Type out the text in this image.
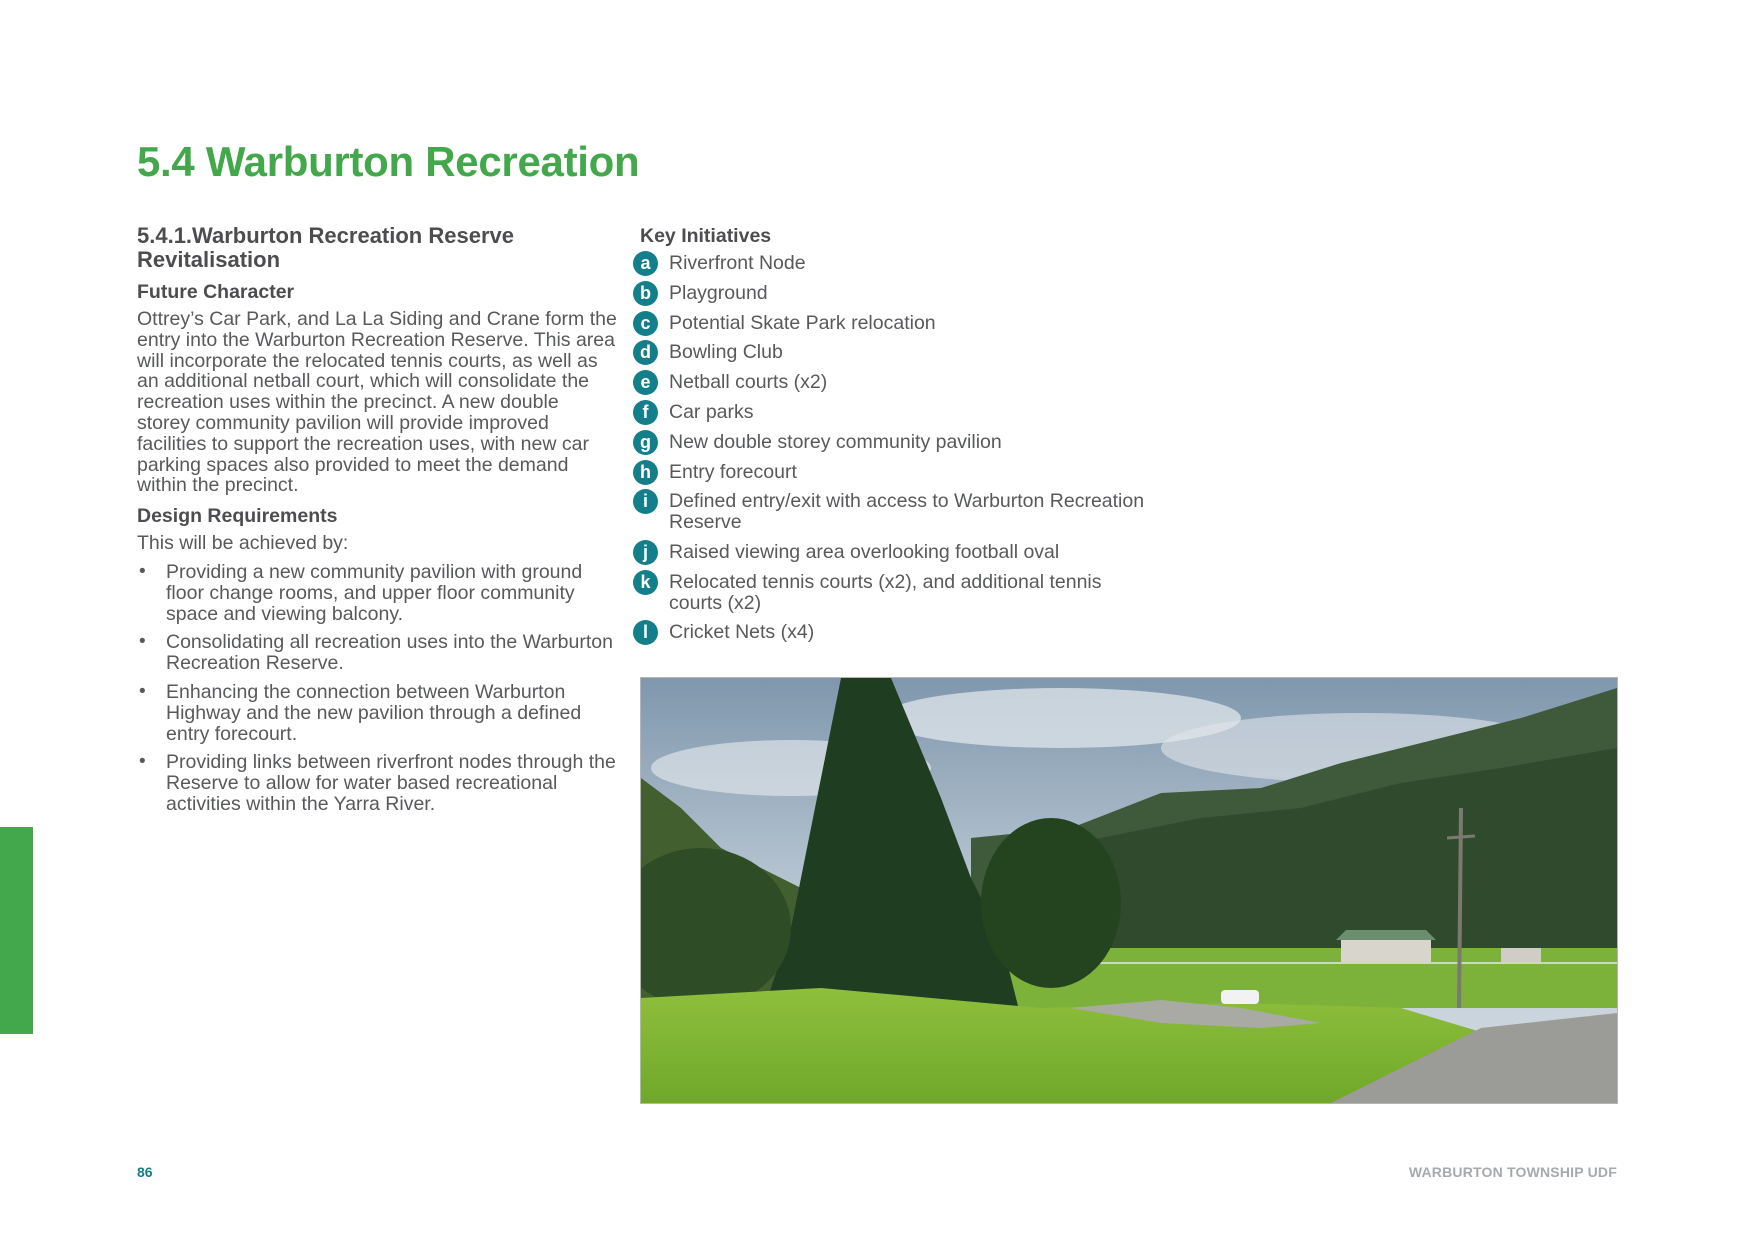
5.4 Warburton Recreation
5.4.1.Warburton Recreation Reserve Revitalisation
Future Character

Ottrey’s Car Park, and La La Siding and Crane form the entry into the Warburton Recreation Reserve. This area will incorporate the relocated tennis courts, as well as an additional netball court, which will consolidate the recreation uses within the precinct. A new double storey community pavilion will provide improved facilities to support the recreation uses, with new car parking spaces also provided to meet the demand within the precinct.

Design Requirements

This will be achieved by:

• Providing a new community pavilion with ground floor change rooms, and upper floor community space and viewing balcony.
• Consolidating all recreation uses into the Warburton Recreation Reserve.
• Enhancing the connection between Warburton Highway and the new pavilion through a defined entry forecourt.
• Providing links between riverfront nodes through the Reserve to allow for water based recreational activities within the Yarra River.
Key Initiatives
a Riverfront Node
b Playground
c Potential Skate Park relocation
d Bowling Club
e Netball courts (x2)
f	Car parks
g New double storey community pavilion
h Entry forecourt
i	Defined entry/exit with access to Warburton Recreation Reserve
j	Raised viewing area overlooking football oval
k Relocated tennis courts (x2), and additional tennis courts (x2)
l	Cricket Nets (x4)
86	WARBURTON TOWNSHIP UDF
